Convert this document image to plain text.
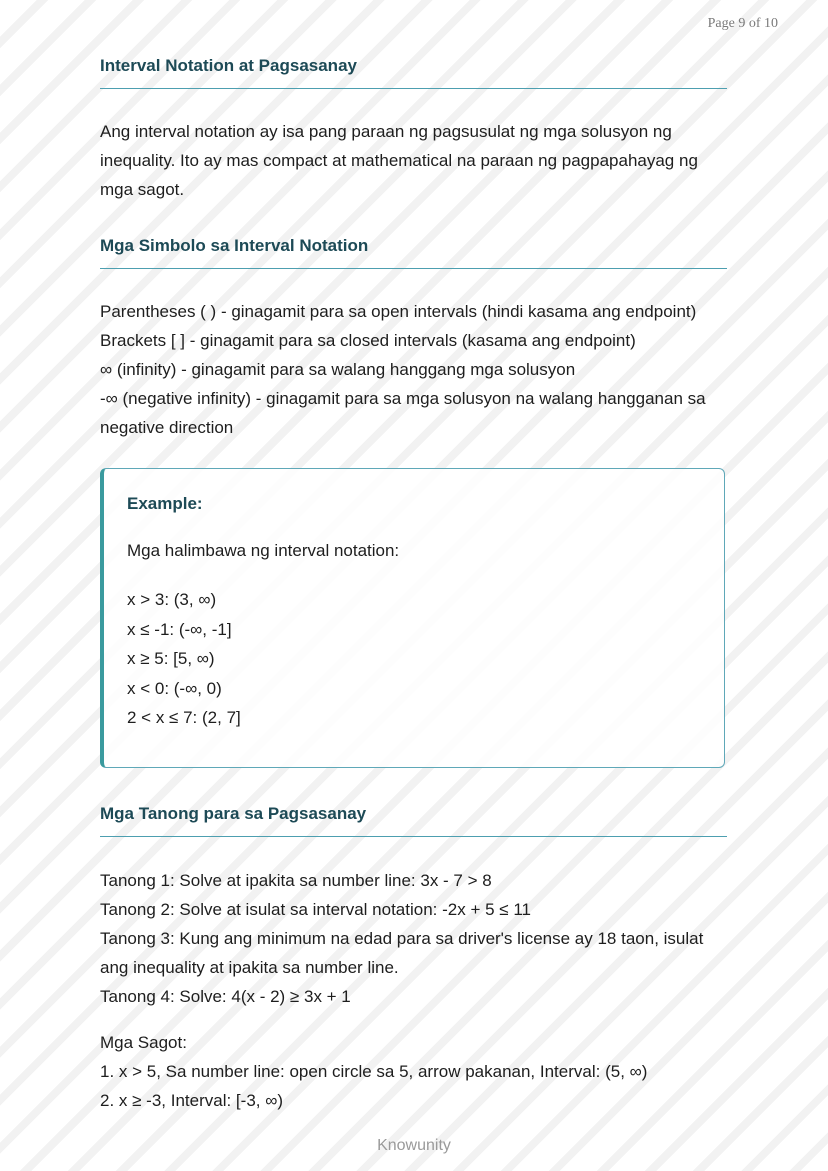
Page 9 of 10
Interval Notation at Pagsasanay
Ang interval notation ay isa pang paraan ng pagsusulat ng mga solusyon ng
inequality. Ito ay mas compact at mathematical na paraan ng pagpapahayag ng
mga sagot.
Mga Simbolo sa Interval Notation
Parentheses ( ) - ginagamit para sa open intervals (hindi kasama ang endpoint)
Brackets [ ] - ginagamit para sa closed intervals (kasama ang endpoint)
∞ (infinity) - ginagamit para sa walang hanggang mga solusyon
-∞ (negative infinity) - ginagamit para sa mga solusyon na walang hangganan sa
negative direction
Example:
Mga halimbawa ng interval notation:
x > 3: (3, ∞)
x ≤ -1: (-∞, -1]
x ≥ 5: [5, ∞)
x < 0: (-∞, 0)
2 < x ≤ 7: (2, 7]
Mga Tanong para sa Pagsasanay
Tanong 1: Solve at ipakita sa number line: 3x - 7 > 8
Tanong 2: Solve at isulat sa interval notation: -2x + 5 ≤ 11
Tanong 3: Kung ang minimum na edad para sa driver's license ay 18 taon, isulat
ang inequality at ipakita sa number line.
Tanong 4: Solve: 4(x - 2) ≥ 3x + 1
Mga Sagot:
1. x > 5, Sa number line: open circle sa 5, arrow pakanan, Interval: (5, ∞)
2. x ≥ -3, Interval: [-3, ∞)
Knowunity
